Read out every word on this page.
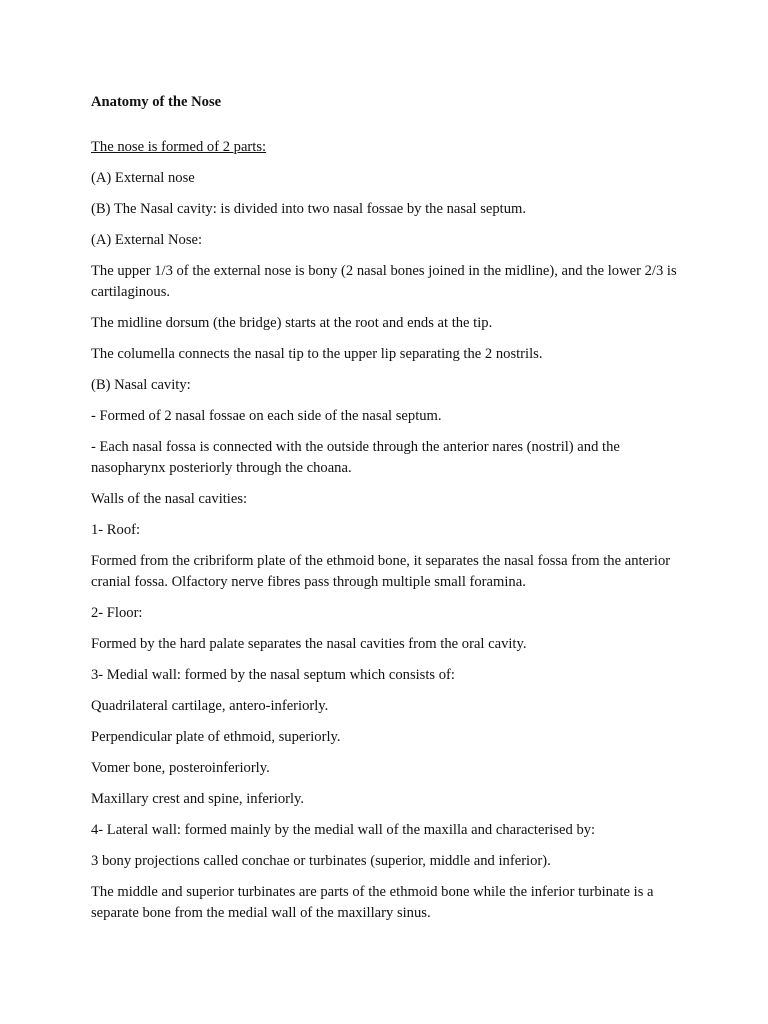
Anatomy of the Nose

The nose is formed of 2 parts:

(A) External nose

(B) The Nasal cavity: is divided into two nasal fossae by the nasal septum.

(A) External Nose:

The upper 1/3 of the external nose is bony (2 nasal bones joined in the midline), and the lower 2/3 is cartilaginous.

The midline dorsum (the bridge) starts at the root and ends at the tip.

The columella connects the nasal tip to the upper lip separating the 2 nostrils.

(B) Nasal cavity:

- Formed of 2 nasal fossae on each side of the nasal septum.

- Each nasal fossa is connected with the outside through the anterior nares (nostril) and the nasopharynx posteriorly through the choana.

Walls of the nasal cavities:

1- Roof:

Formed from the cribriform plate of the ethmoid bone, it separates the nasal fossa from the anterior cranial fossa. Olfactory nerve fibres pass through multiple small foramina.

2- Floor:

Formed by the hard palate separates the nasal cavities from the oral cavity.

3- Medial wall: formed by the nasal septum which consists of:

Quadrilateral cartilage, antero-inferiorly.

Perpendicular plate of ethmoid, superiorly.

Vomer bone, posteroinferiorly.

Maxillary crest and spine, inferiorly.

4- Lateral wall: formed mainly by the medial wall of the maxilla and characterised by:

3 bony projections called conchae or turbinates (superior, middle and inferior).

The middle and superior turbinates are parts of the ethmoid bone while the inferior turbinate is a separate bone from the medial wall of the maxillary sinus.
